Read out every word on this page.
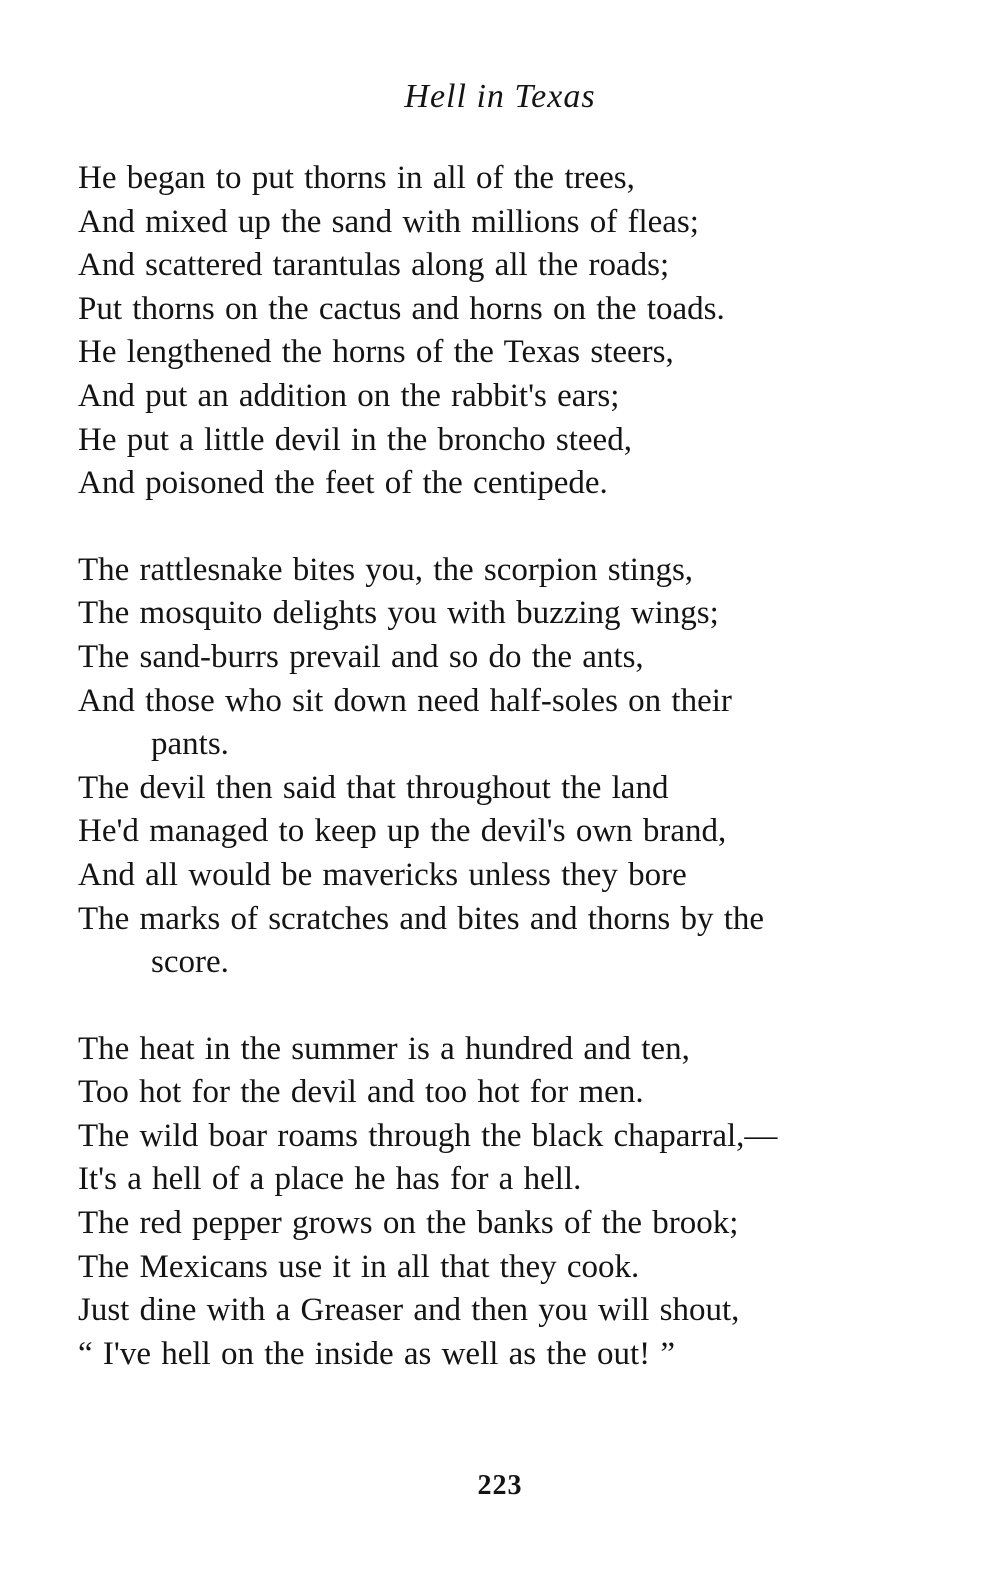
Hell in Texas
He began to put thorns in all of the trees,
And mixed up the sand with millions of fleas;
And scattered tarantulas along all the roads;
Put thorns on the cactus and horns on the toads.
He lengthened the horns of the Texas steers,
And put an addition on the rabbit's ears;
He put a little devil in the broncho steed,
And poisoned the feet of the centipede.
The rattlesnake bites you, the scorpion stings,
The mosquito delights you with buzzing wings;
The sand-burrs prevail and so do the ants,
And those who sit down need half-soles on their
pants.
The devil then said that throughout the land
He'd managed to keep up the devil's own brand,
And all would be mavericks unless they bore
The marks of scratches and bites and thorns by the
score.
The heat in the summer is a hundred and ten,
Too hot for the devil and too hot for men.
The wild boar roams through the black chaparral,—
It's a hell of a place he has for a hell.
The red pepper grows on the banks of the brook;
The Mexicans use it in all that they cook.
Just dine with a Greaser and then you will shout,
“ I've hell on the inside as well as the out! ”
223
